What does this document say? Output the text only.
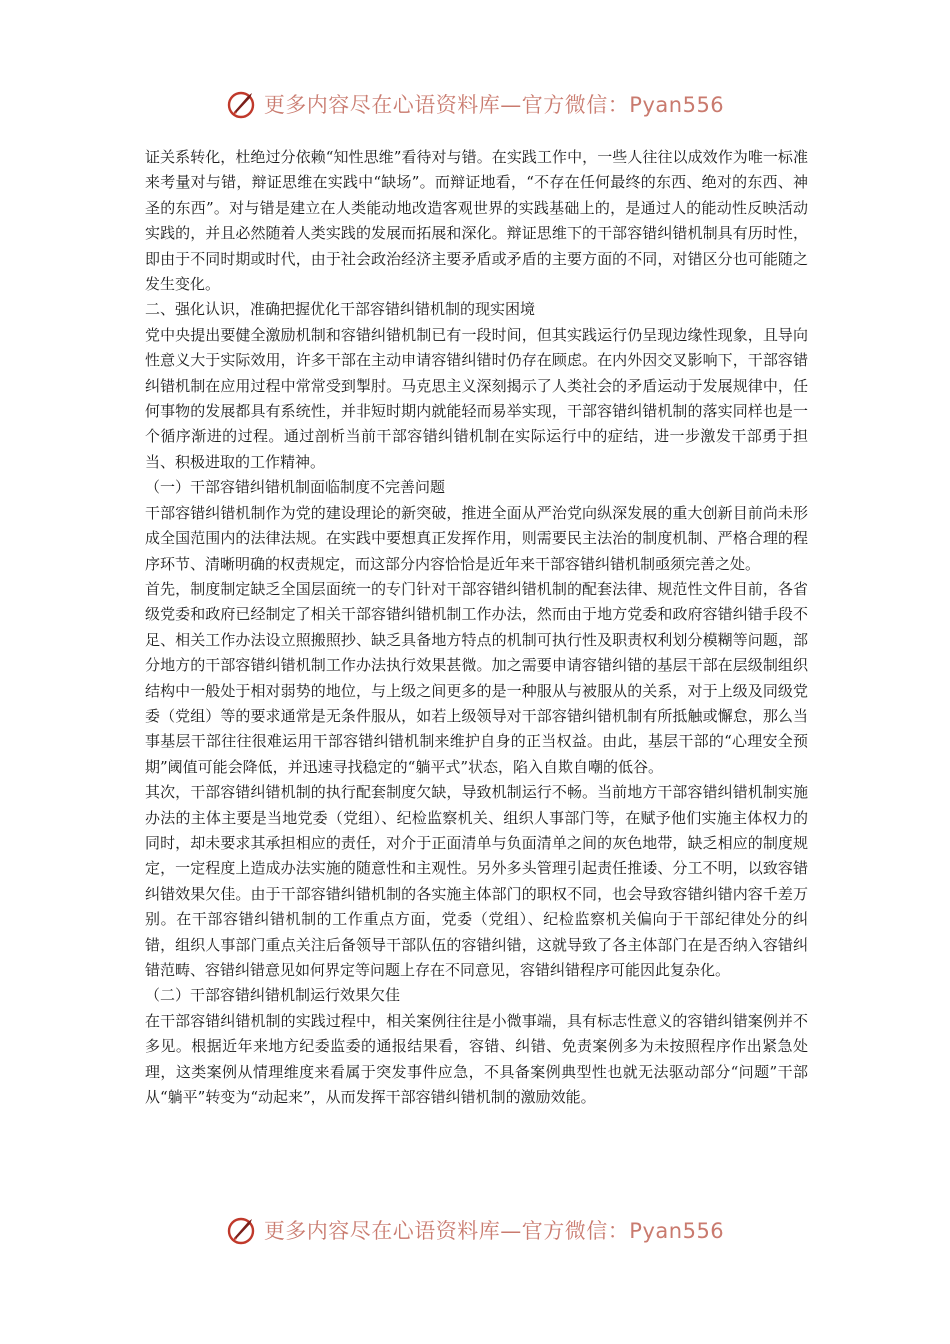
更多内容尽在心语资料库—官方微信：Pyan556

证关系转化，杜绝过分依赖“知性思维”看待对与错。在实践工作中，一些人往往以成效作为唯一标准来考量对与错，辩证思维在实践中“缺场”。而辩证地看，“不存在任何最终的东西、绝对的东西、神圣的东西”。对与错是建立在人类能动地改造客观世界的实践基础上的，是通过人的能动性反映活动实践的，并且必然随着人类实践的发展而拓展和深化。辩证思维下的干部容错纠错机制具有历时性，即由于不同时期或时代，由于社会政治经济主要矛盾或矛盾的主要方面的不同，对错区分也可能随之发生变化。

二、强化认识，准确把握优化干部容错纠错机制的现实困境

党中央提出要健全激励机制和容错纠错机制已有一段时间，但其实践运行仍呈现边缘性现象，且导向性意义大于实际效用，许多干部在主动申请容错纠错时仍存在顾虑。在内外因交叉影响下，干部容错纠错机制在应用过程中常常受到掣肘。马克思主义深刻揭示了人类社会的矛盾运动于发展规律中，任何事物的发展都具有系统性，并非短时期内就能轻而易举实现，干部容错纠错机制的落实同样也是一个循序渐进的过程。通过剖析当前干部容错纠错机制在实际运行中的症结，进一步激发干部勇于担当、积极进取的工作精神。

（一）干部容错纠错机制面临制度不完善问题

干部容错纠错机制作为党的建设理论的新突破，推进全面从严治党向纵深发展的重大创新目前尚未形成全国范围内的法律法规。在实践中要想真正发挥作用，则需要民主法治的制度机制、严格合理的程序环节、清晰明确的权责规定，而这部分内容恰恰是近年来干部容错纠错机制亟须完善之处。

首先，制度制定缺乏全国层面统一的专门针对干部容错纠错机制的配套法律、规范性文件目前，各省级党委和政府已经制定了相关干部容错纠错机制工作办法，然而由于地方党委和政府容错纠错手段不足、相关工作办法设立照搬照抄、缺乏具备地方特点的机制可执行性及职责权利划分模糊等问题，部分地方的干部容错纠错机制工作办法执行效果甚微。加之需要申请容错纠错的基层干部在层级制组织结构中一般处于相对弱势的地位，与上级之间更多的是一种服从与被服从的关系，对于上级及同级党委（党组）等的要求通常是无条件服从，如若上级领导对干部容错纠错机制有所抵触或懈怠，那么当事基层干部往往很难运用干部容错纠错机制来维护自身的正当权益。由此，基层干部的“心理安全预期”阈值可能会降低，并迅速寻找稳定的“躺平式”状态，陷入自欺自嘲的低谷。

其次，干部容错纠错机制的执行配套制度欠缺，导致机制运行不畅。当前地方干部容错纠错机制实施办法的主体主要是当地党委（党组）、纪检监察机关、组织人事部门等，在赋予他们实施主体权力的同时，却未要求其承担相应的责任，对介于正面清单与负面清单之间的灰色地带，缺乏相应的制度规定，一定程度上造成办法实施的随意性和主观性。另外多头管理引起责任推诿、分工不明，以致容错纠错效果欠佳。由于干部容错纠错机制的各实施主体部门的职权不同，也会导致容错纠错内容千差万别。在干部容错纠错机制的工作重点方面，党委（党组）、纪检监察机关偏向于干部纪律处分的纠错，组织人事部门重点关注后备领导干部队伍的容错纠错，这就导致了各主体部门在是否纳入容错纠错范畴、容错纠错意见如何界定等问题上存在不同意见，容错纠错程序可能因此复杂化。

（二）干部容错纠错机制运行效果欠佳

在干部容错纠错机制的实践过程中，相关案例往往是小微事端，具有标志性意义的容错纠错案例并不多见。根据近年来地方纪委监委的通报结果看，容错、纠错、免责案例多为未按照程序作出紧急处理，这类案例从情理维度来看属于突发事件应急，不具备案例典型性也就无法驱动部分“问题”干部从“躺平”转变为“动起来”，从而发挥干部容错纠错机制的激励效能。

更多内容尽在心语资料库—官方微信：Pyan556
